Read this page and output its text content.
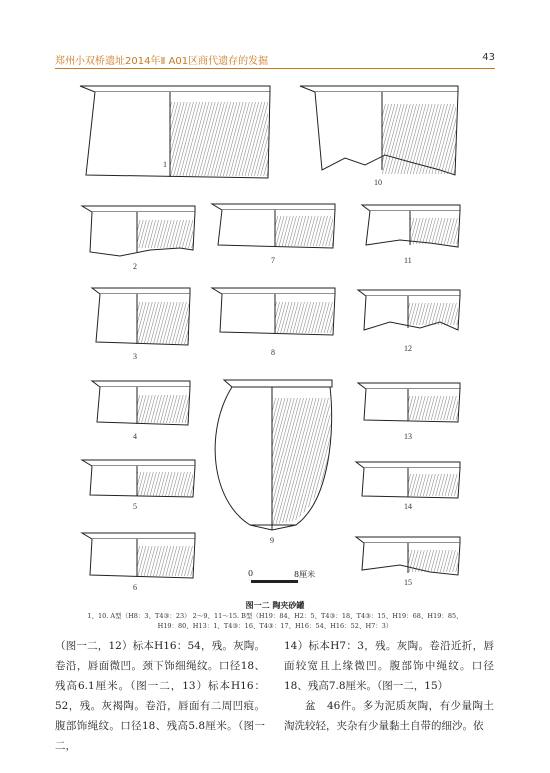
郑州小双桥遗址2014年Ⅱ A01区商代遗存的发掘	43
1
2
3
4
5
6
7
8
9
10
11
12
13
14
15
0	8厘米
图一二 陶夹砂罐
1、10. A型（H8：3、T4③：23） 2～9、11～15. B型（H19：84、H2：5、T4③：18、T4③：15、H19：68、H19：85、
H19：80、H13：1、T4③：16、T4③：17、H16：54、H16：52、H7：3）

（图一二，12）标本H16：54，残。灰陶。卷沿，唇面微凹。颈下饰细绳纹。口径18、残高6.1厘米。（图一二，13）标本H16：52，残。灰褐陶。卷沿，唇面有二周凹痕。腹部饰绳纹。口径18、残高5.8厘米。（图一二，

14）标本H7：3，残。灰陶。卷沿近折，唇面较宽且上缘微凹。腹部饰中绳纹。口径18、残高7.8厘米。（图一二，15）

盆　46件。多为泥质灰陶，有少量陶土淘洗较轻，夹杂有少量黏土自带的细沙。依
